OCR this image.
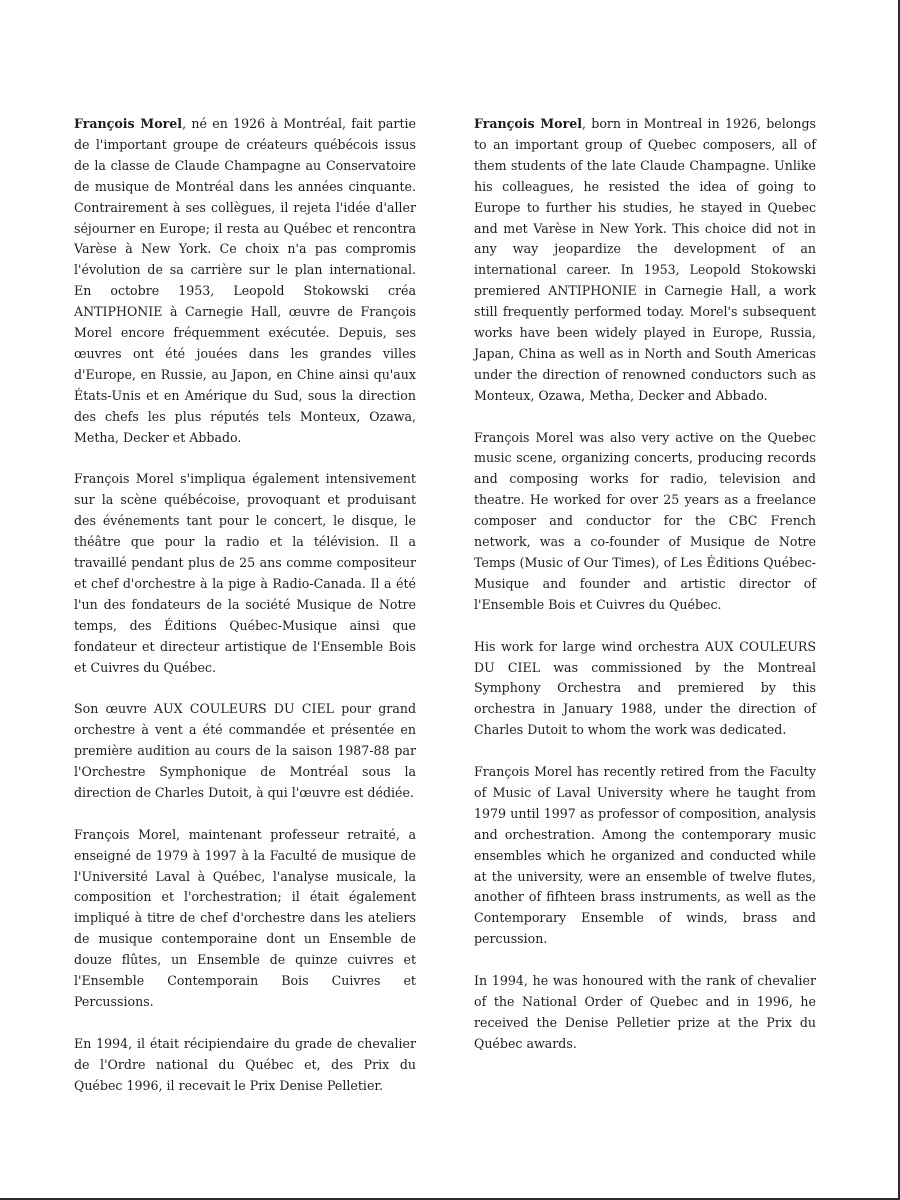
François Morel, né en 1926 à Montréal, fait partie de l'important groupe de créateurs québécois issus de la classe de Claude Champagne au Conservatoire de musique de Montréal dans les années cinquante. Contrairement à ses collègues, il rejeta l'idée d'aller séjourner en Europe; il resta au Québec et rencontra Varèse à New York. Ce choix n'a pas compromis l'évolution de sa carrière sur le plan international. En octobre 1953, Leopold Stokowski créa ANTIPHONIE à Carnegie Hall, œuvre de François Morel encore fréquemment exécutée. Depuis, ses œuvres ont été jouées dans les grandes villes d'Europe, en Russie, au Japon, en Chine ainsi qu'aux États-Unis et en Amérique du Sud, sous la direction des chefs les plus réputés tels Monteux, Ozawa, Metha, Decker et Abbado.

François Morel s'impliqua également intensivement sur la scène québécoise, provoquant et produisant des événements tant pour le concert, le disque, le théâtre que pour la radio et la télévision. Il a travaillé pendant plus de 25 ans comme compositeur et chef d'orchestre à la pige à Radio-Canada. Il a été l'un des fondateurs de la société Musique de Notre temps, des Éditions Québec-Musique ainsi que fondateur et directeur artistique de l'Ensemble Bois et Cuivres du Québec.

Son œuvre AUX COULEURS DU CIEL pour grand orchestre à vent a été commandée et présentée en première audition au cours de la saison 1987-88 par l'Orchestre Symphonique de Montréal sous la direction de Charles Dutoit, à qui l'œuvre est dédiée.

François Morel, maintenant professeur retraité, a enseigné de 1979 à 1997 à la Faculté de musique de l'Université Laval à Québec, l'analyse musicale, la composition et l'orchestration; il était également impliqué à titre de chef d'orchestre dans les ateliers de musique contemporaine dont un Ensemble de douze flûtes, un Ensemble de quinze cuivres et l'Ensemble Contemporain Bois Cuivres et Percussions.

En 1994, il était récipiendaire du grade de chevalier de l'Ordre national du Québec et, des Prix du Québec 1996, il recevait le Prix Denise Pelletier.

François Morel, born in Montreal in 1926, belongs to an important group of Quebec composers, all of them students of the late Claude Champagne. Unlike his colleagues, he resisted the idea of going to Europe to further his studies, he stayed in Quebec and met Varèse in New York. This choice did not in any way jeopardize the development of an international career. In 1953, Leopold Stokowski premiered ANTIPHONIE in Carnegie Hall, a work still frequently performed today. Morel's subsequent works have been widely played in Europe, Russia, Japan, China as well as in North and South Americas under the direction of renowned conductors such as Monteux, Ozawa, Metha, Decker and Abbado.

François Morel was also very active on the Quebec music scene, organizing concerts, producing records and composing works for radio, television and theatre. He worked for over 25 years as a freelance composer and conductor for the CBC French network, was a co-founder of Musique de Notre Temps (Music of Our Times), of Les Éditions Québec-Musique and founder and artistic director of l'Ensemble Bois et Cuivres du Québec.

His work for large wind orchestra AUX COULEURS DU CIEL was commissioned by the Montreal Symphony Orchestra and premiered by this orchestra in January 1988, under the direction of Charles Dutoit to whom the work was dedicated.

François Morel has recently retired from the Faculty of Music of Laval University where he taught from 1979 until 1997 as professor of composition, analysis and orchestration. Among the contemporary music ensembles which he organized and conducted while at the university, were an ensemble of twelve flutes, another of fifhteen brass instruments, as well as the Contemporary Ensemble of winds, brass and percussion.

In 1994, he was honoured with the rank of chevalier of the National Order of Quebec and in 1996, he received the Denise Pelletier prize at the Prix du Québec awards.
